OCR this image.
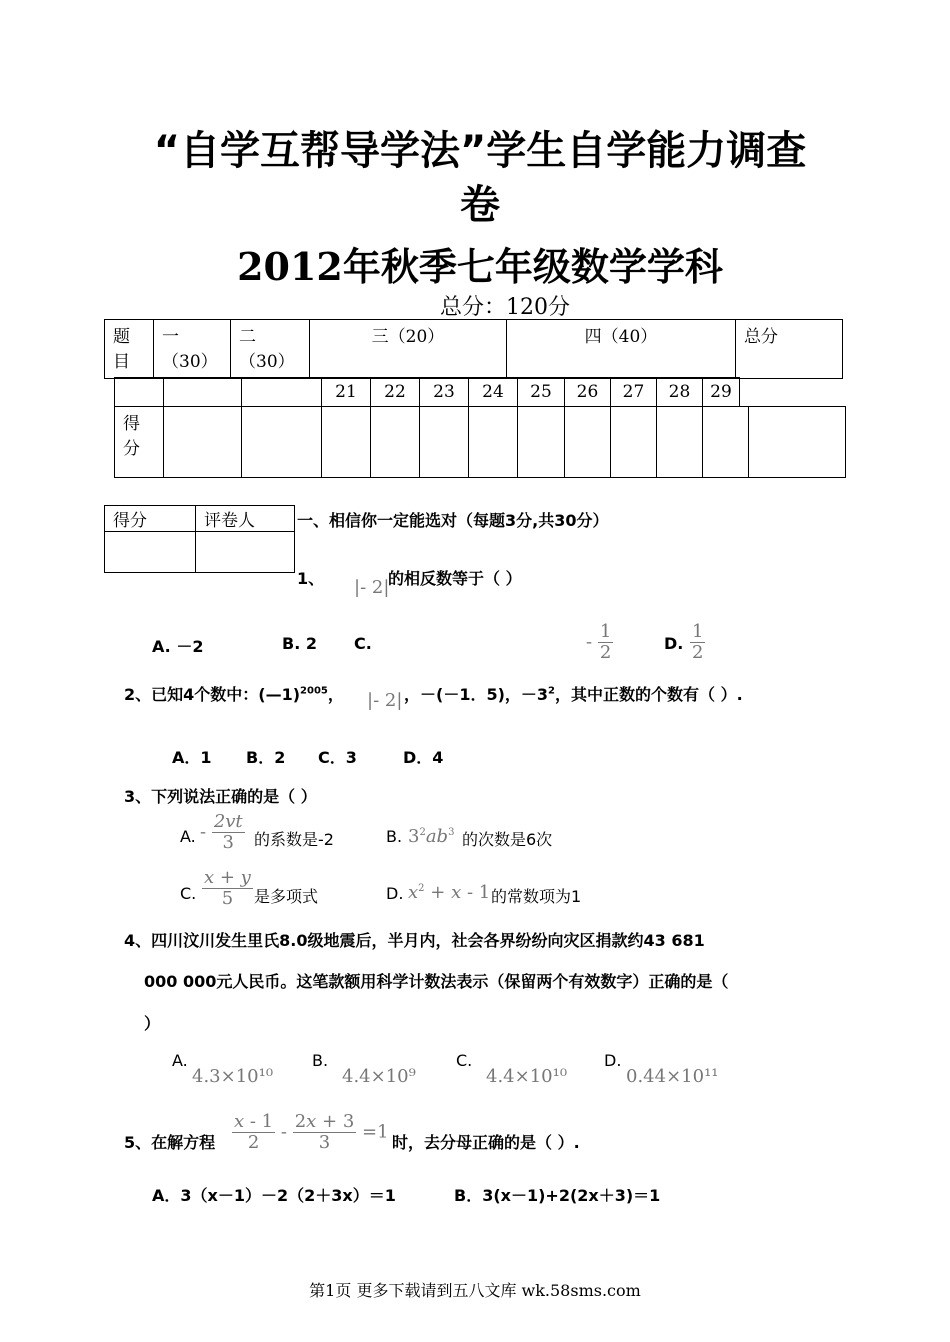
“自学互帮导学法”学生自学能力调查
卷
2012年秋季七年级数学学科
总分：120分
题目	一（30）	二（30）	三（20）	四（40）	总分
			21	22	23	24	25	26	27	28	29
得分												
得分	评卷人
		一、相信你一定能选对（每题3分,共30分）
1、 |- 2|
的相反数等于（ ）
A. －2	B. 2 C.	- $\frac{1}{2}$	D. $\frac{1}{2}$
2、已知4个数中：(—1)$^{2005}$， |- 2| ，－(－1．5)，$-3^2$，其中正数的个数有（ ）.
A．1 B．2 C．3	D．4
3、下列说法正确的是（ ）
A. - $\frac{2vt}{3}$ 的系数是-2	B. $3^2ab^3$ 的次数是6次
C. $\frac{x + y}{5}$ 是多项式	D. $x^2 + x - 1$ 的常数项为1
4、四川汶川发生里氏8.0级地震后，半月内，社会各界纷纷向灾区捐款约43 681
000 000元人民币。这笔款额用科学计数法表示（保留两个有效数字）正确的是（
）
A.
4.3×10¹⁰
B.
4.4×10⁹
C.
4.4×10¹⁰
D.
0.44×10¹¹
5、在解方程 $\frac{x - 1}{2} - \frac{2x + 3}{3} =1$ 时，去分母正确的是（ ）.
A．3（x－1）－2（2＋3x）＝1	B．3(x－1)+2(2x＋3)＝1
第1页 更多下载请到五八文库 wk.58sms.com
